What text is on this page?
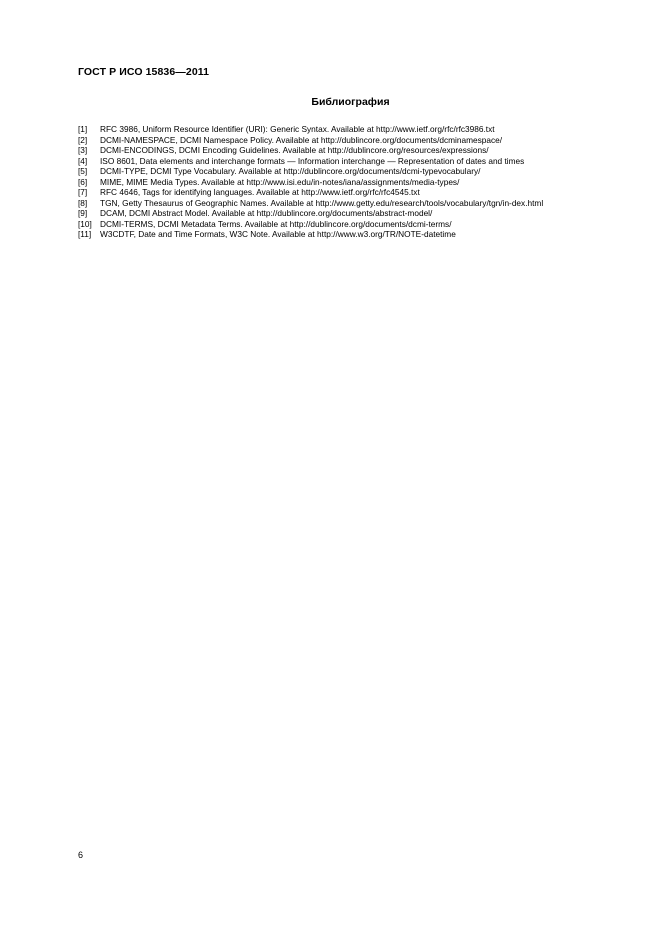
ГОСТ Р ИСО 15836—2011
Библиография
[1]	RFC 3986, Uniform Resource Identifier (URI): Generic Syntax. Available at http://www.ietf.org/rfc/rfc3986.txt
[2]	DCMI-NAMESPACE, DCMI Namespace Policy. Available at http://dublincore.org/documents/dcminamespace/
[3]	DCMI-ENCODINGS, DCMI Encoding Guidelines. Available at http://dublincore.org/resources/expressions/
[4]	ISO 8601, Data elements and interchange formats — Information interchange — Representation of dates and times
[5]	DCMI-TYPE, DCMI Type Vocabulary. Available at http://dublincore.org/documents/dcmi-typevocabulary/
[6]	MIME, MIME Media Types. Available at http://www.isi.edu/in-notes/iana/assignments/media-types/
[7]	RFC 4646, Tags for identifying languages. Available at http://www.ietf.org/rfc/rfc4545.txt
[8]	TGN, Getty Thesaurus of Geographic Names. Available at http://www.getty.edu/research/tools/vocabulary/tgn/in-dex.html
[9]	DCAM, DCMI Abstract Model. Available at http://dublincore.org/documents/abstract-model/
[10] DCMI-TERMS, DCMI Metadata Terms. Available at http://dublincore.org/documents/dcmi-terms/
[11]	W3CDTF, Date and Time Formats, W3C Note. Available at http://www.w3.org/TR/NOTE-datetime
6
